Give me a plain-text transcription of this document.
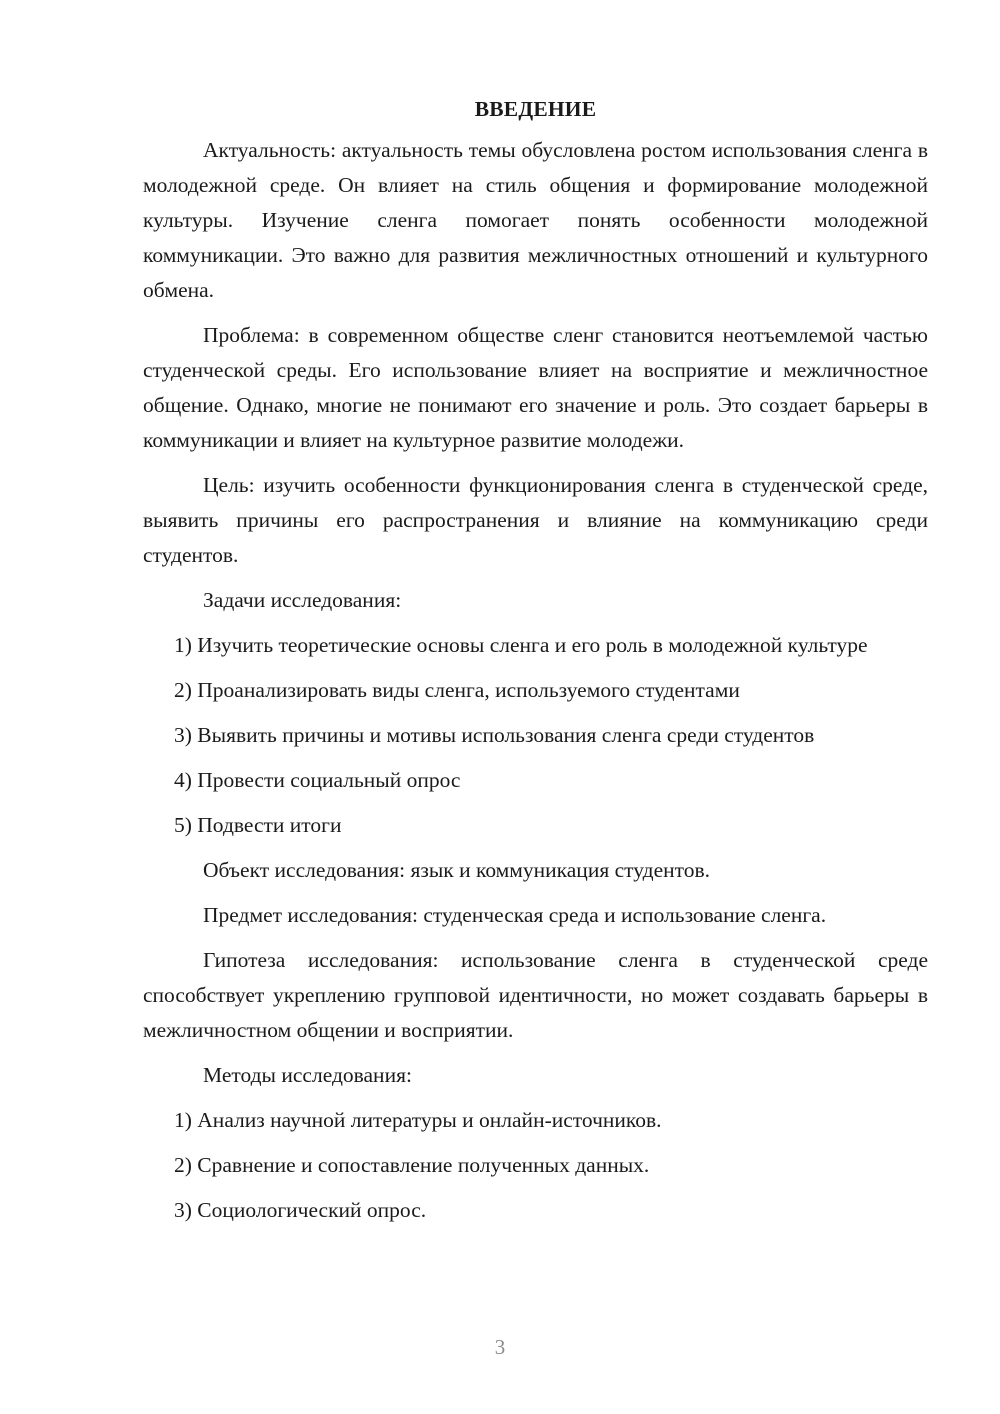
ВВЕДЕНИЕ

Актуальность: актуальность темы обусловлена ростом использования сленга в молодежной среде. Он влияет на стиль общения и формирование молодежной культуры. Изучение сленга помогает понять особенности молодежной коммуникации. Это важно для развития межличностных отношений и культурного обмена.

Проблема: в современном обществе сленг становится неотъемлемой частью студенческой среды. Его использование влияет на восприятие и межличностное общение. Однако, многие не понимают его значение и роль. Это создает барьеры в коммуникации и влияет на культурное развитие молодежи.

Цель: изучить особенности функционирования сленга в студенческой среде, выявить причины его распространения и влияние на коммуникацию среди студентов.

Задачи исследования:

1) Изучить теоретические основы сленга и его роль в молодежной культуре

2) Проанализировать виды сленга, используемого студентами

3) Выявить причины и мотивы использования сленга среди студентов

4) Провести социальный опрос

5) Подвести итоги

Объект исследования: язык и коммуникация студентов.

Предмет исследования: студенческая среда и использование сленга.

Гипотеза исследования: использование сленга в студенческой среде способствует укреплению групповой идентичности, но может создавать барьеры в межличностном общении и восприятии.

Методы исследования:

1) Анализ научной литературы и онлайн-источников.

2) Сравнение и сопоставление полученных данных.

3) Социологический опрос.

3
